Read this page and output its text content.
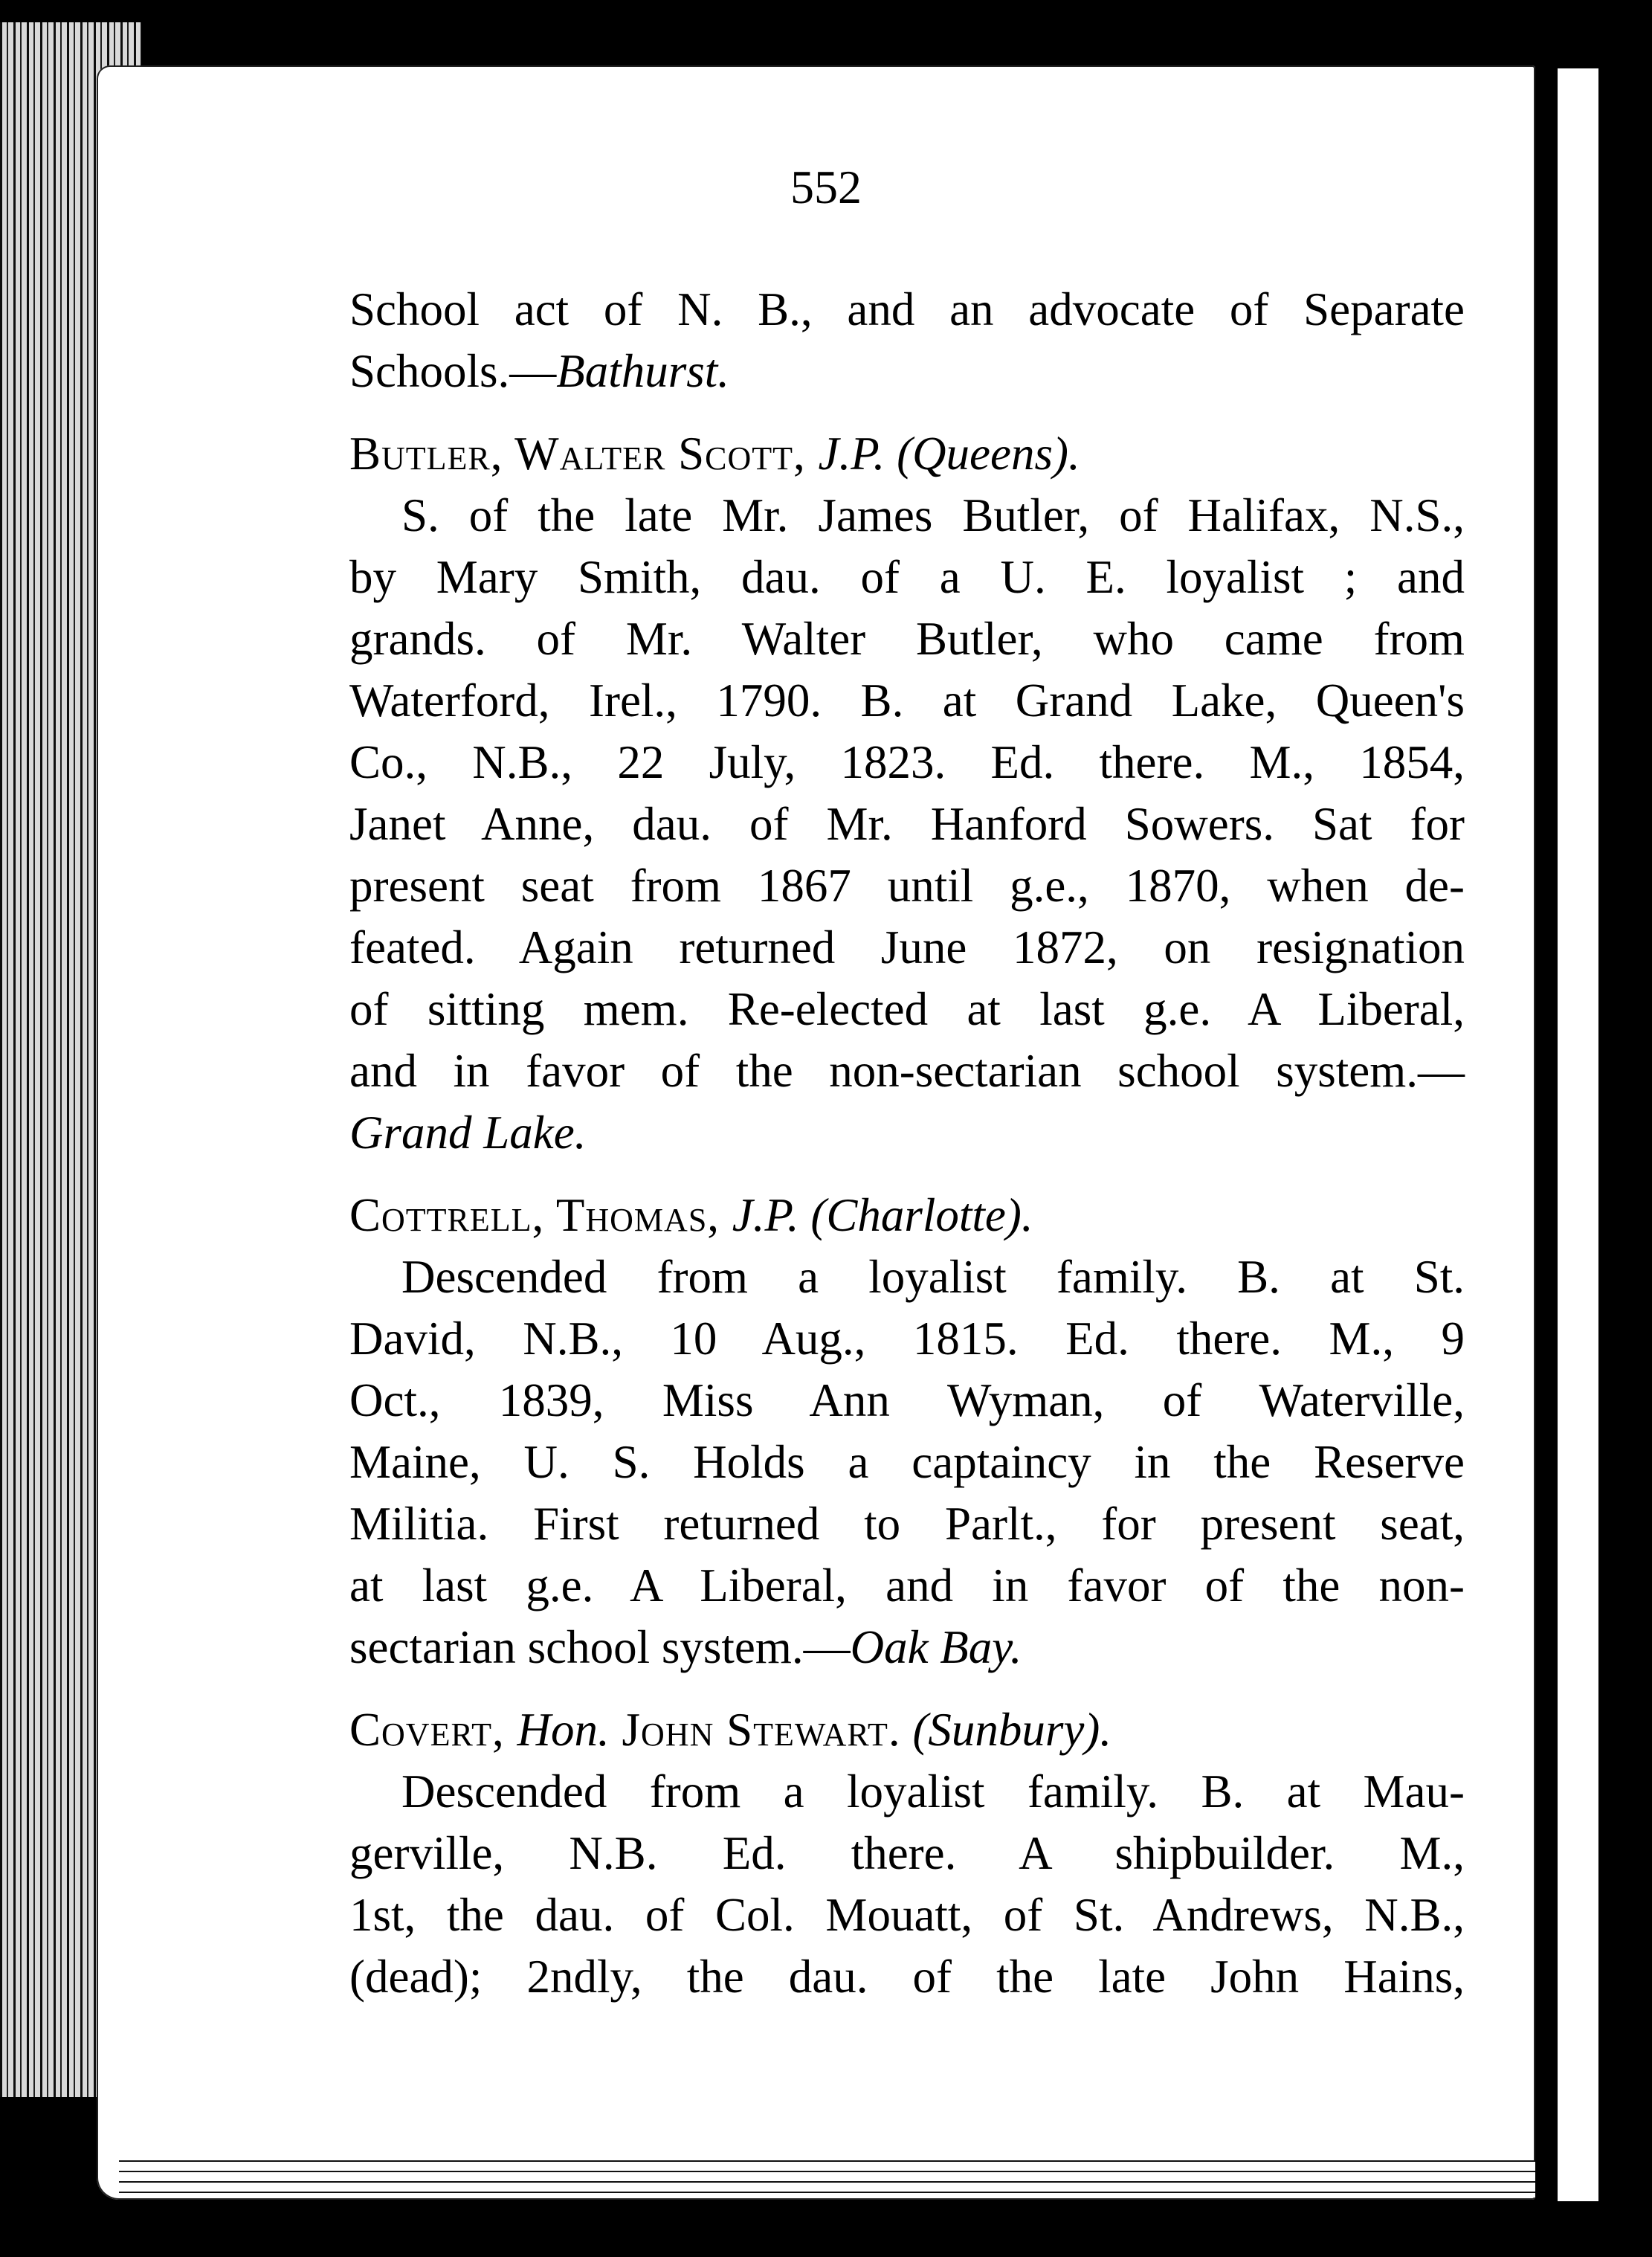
552
School act of N. B., and an advocate of Separate
Schools.—Bathurst.
Butler, Walter Scott, J.P. (Queens).
S. of the late Mr. James Butler, of Halifax, N.S.,
by Mary Smith, dau. of a U. E. loyalist ; and
grands. of Mr. Walter Butler, who came from
Waterford, Irel., 1790. B. at Grand Lake, Queen's
Co., N.B., 22 July, 1823. Ed. there. M., 1854,
Janet Anne, dau. of Mr. Hanford Sowers. Sat for
present seat from 1867 until g.e., 1870, when de-
feated. Again returned June 1872, on resignation
of sitting mem. Re-elected at last g.e. A Liberal,
and in favor of the non-sectarian school system.—
Grand Lake.
Cottrell, Thomas, J.P. (Charlotte).
Descended from a loyalist family. B. at St.
David, N.B., 10 Aug., 1815. Ed. there. M., 9
Oct., 1839, Miss Ann Wyman, of Waterville,
Maine, U. S. Holds a captaincy in the Reserve
Militia. First returned to Parlt., for present seat,
at last g.e. A Liberal, and in favor of the non-
sectarian school system.—Oak Bay.
Covert, Hon. John Stewart. (Sunbury).
Descended from a loyalist family. B. at Mau-
gerville, N.B. Ed. there. A shipbuilder. M.,
1st, the dau. of Col. Mouatt, of St. Andrews, N.B.,
(dead); 2ndly, the dau. of the late John Hains,
